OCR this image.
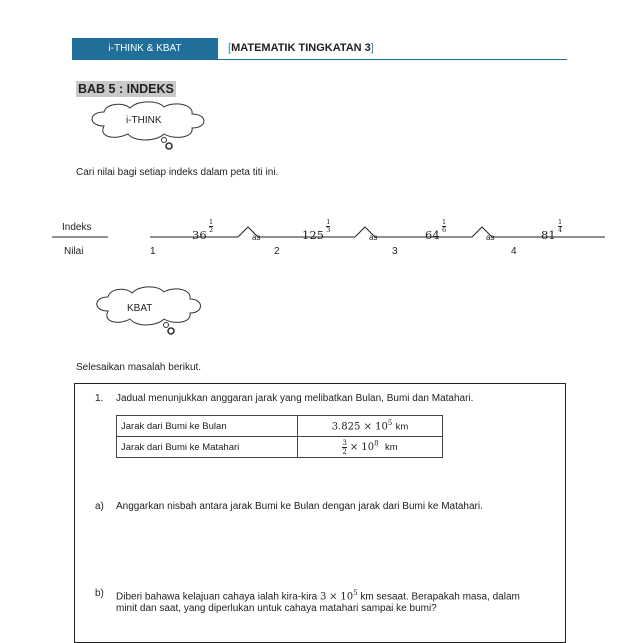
i-THINK & KBAT	[MATEMATIK TINGKATAN 3]
BAB 5 : INDEKS
i-THINK
Cari nilai bagi setiap indeks dalam peta titi ini.
Indeks
Nilai
36 
$^{\frac{1}{2}}$
125 
$^{\frac{1}{3}}$
64 
$^{\frac{1}{6}}$
81 
$^{\frac{1}{4}}$
as	as	as
1	2	3	4
KBAT
Selesaikan masalah berikut.
1. Jadual menunjukkan anggaran jarak yang melibatkan Bulan, Bumi dan Matahari.
Jarak dari Bumi ke Bulan	$3.825 \times 10^5$ km
Jarak dari Bumi ke Matahari	$\frac{3}{2} \times 10^8$ km
a) Anggarkan nisbah antara jarak Bumi ke Bulan dengan jarak dari Bumi ke Matahari.
b) Diberi bahawa kelajuan cahaya ialah kira-kira $3 \times 10^5$ km sesaat. Berapakah masa, dalam
minit dan saat, yang diperlukan untuk cahaya matahari sampai ke bumi?
